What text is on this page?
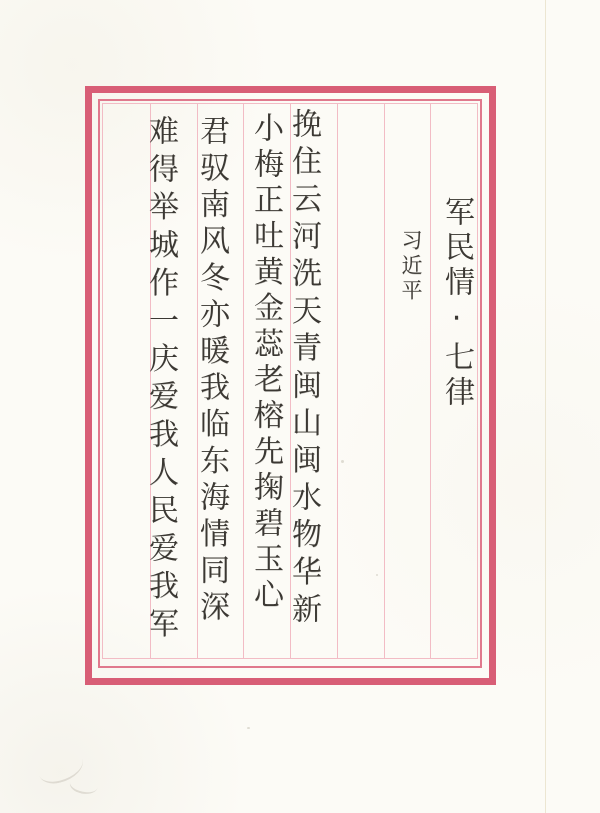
军民情·七律
习近平
挽住云河洗天青闽山闽水物华新
小梅正吐黄金蕊老榕先掬碧玉心
君驭南风冬亦暖我临东海情同深
难得举城作一庆爱我人民爱我军
